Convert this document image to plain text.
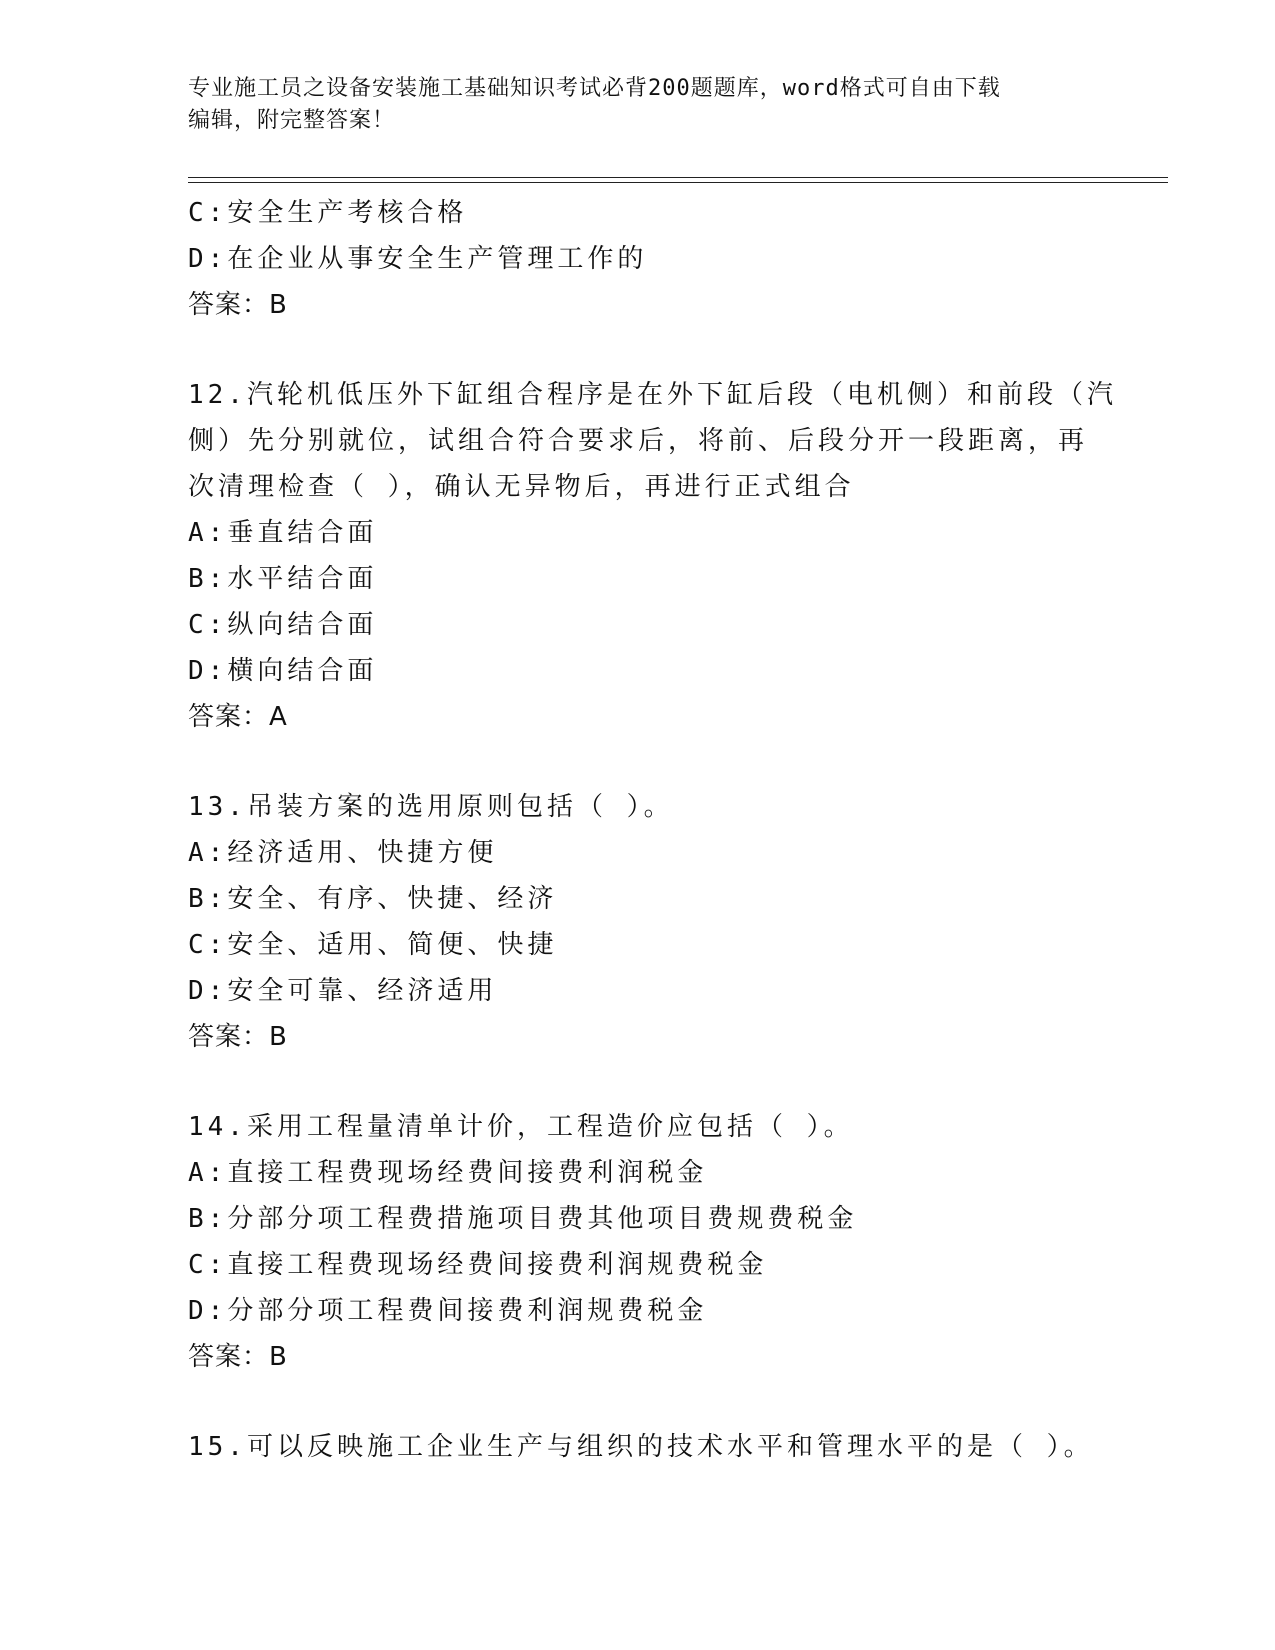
专业施工员之设备安装施工基础知识考试必背200题题库，word格式可自由下载
编辑，附完整答案！
C:安全生产考核合格
D:在企业从事安全生产管理工作的
答案：B
12.汽轮机低压外下缸组合程序是在外下缸后段（电机侧）和前段（汽
侧）先分别就位，试组合符合要求后，将前、后段分开一段距离，再
次清理检查（ ），确认无异物后，再进行正式组合
A:垂直结合面
B:水平结合面
C:纵向结合面
D:横向结合面
答案：A
13.吊装方案的选用原则包括（ ）。
A:经济适用、快捷方便
B:安全、有序、快捷、经济
C:安全、适用、简便、快捷
D:安全可靠、经济适用
答案：B
14.采用工程量清单计价，工程造价应包括（ ）。
A:直接工程费现场经费间接费利润税金
B:分部分项工程费措施项目费其他项目费规费税金
C:直接工程费现场经费间接费利润规费税金
D:分部分项工程费间接费利润规费税金
答案：B
15.可以反映施工企业生产与组织的技术水平和管理水平的是（ ）。
